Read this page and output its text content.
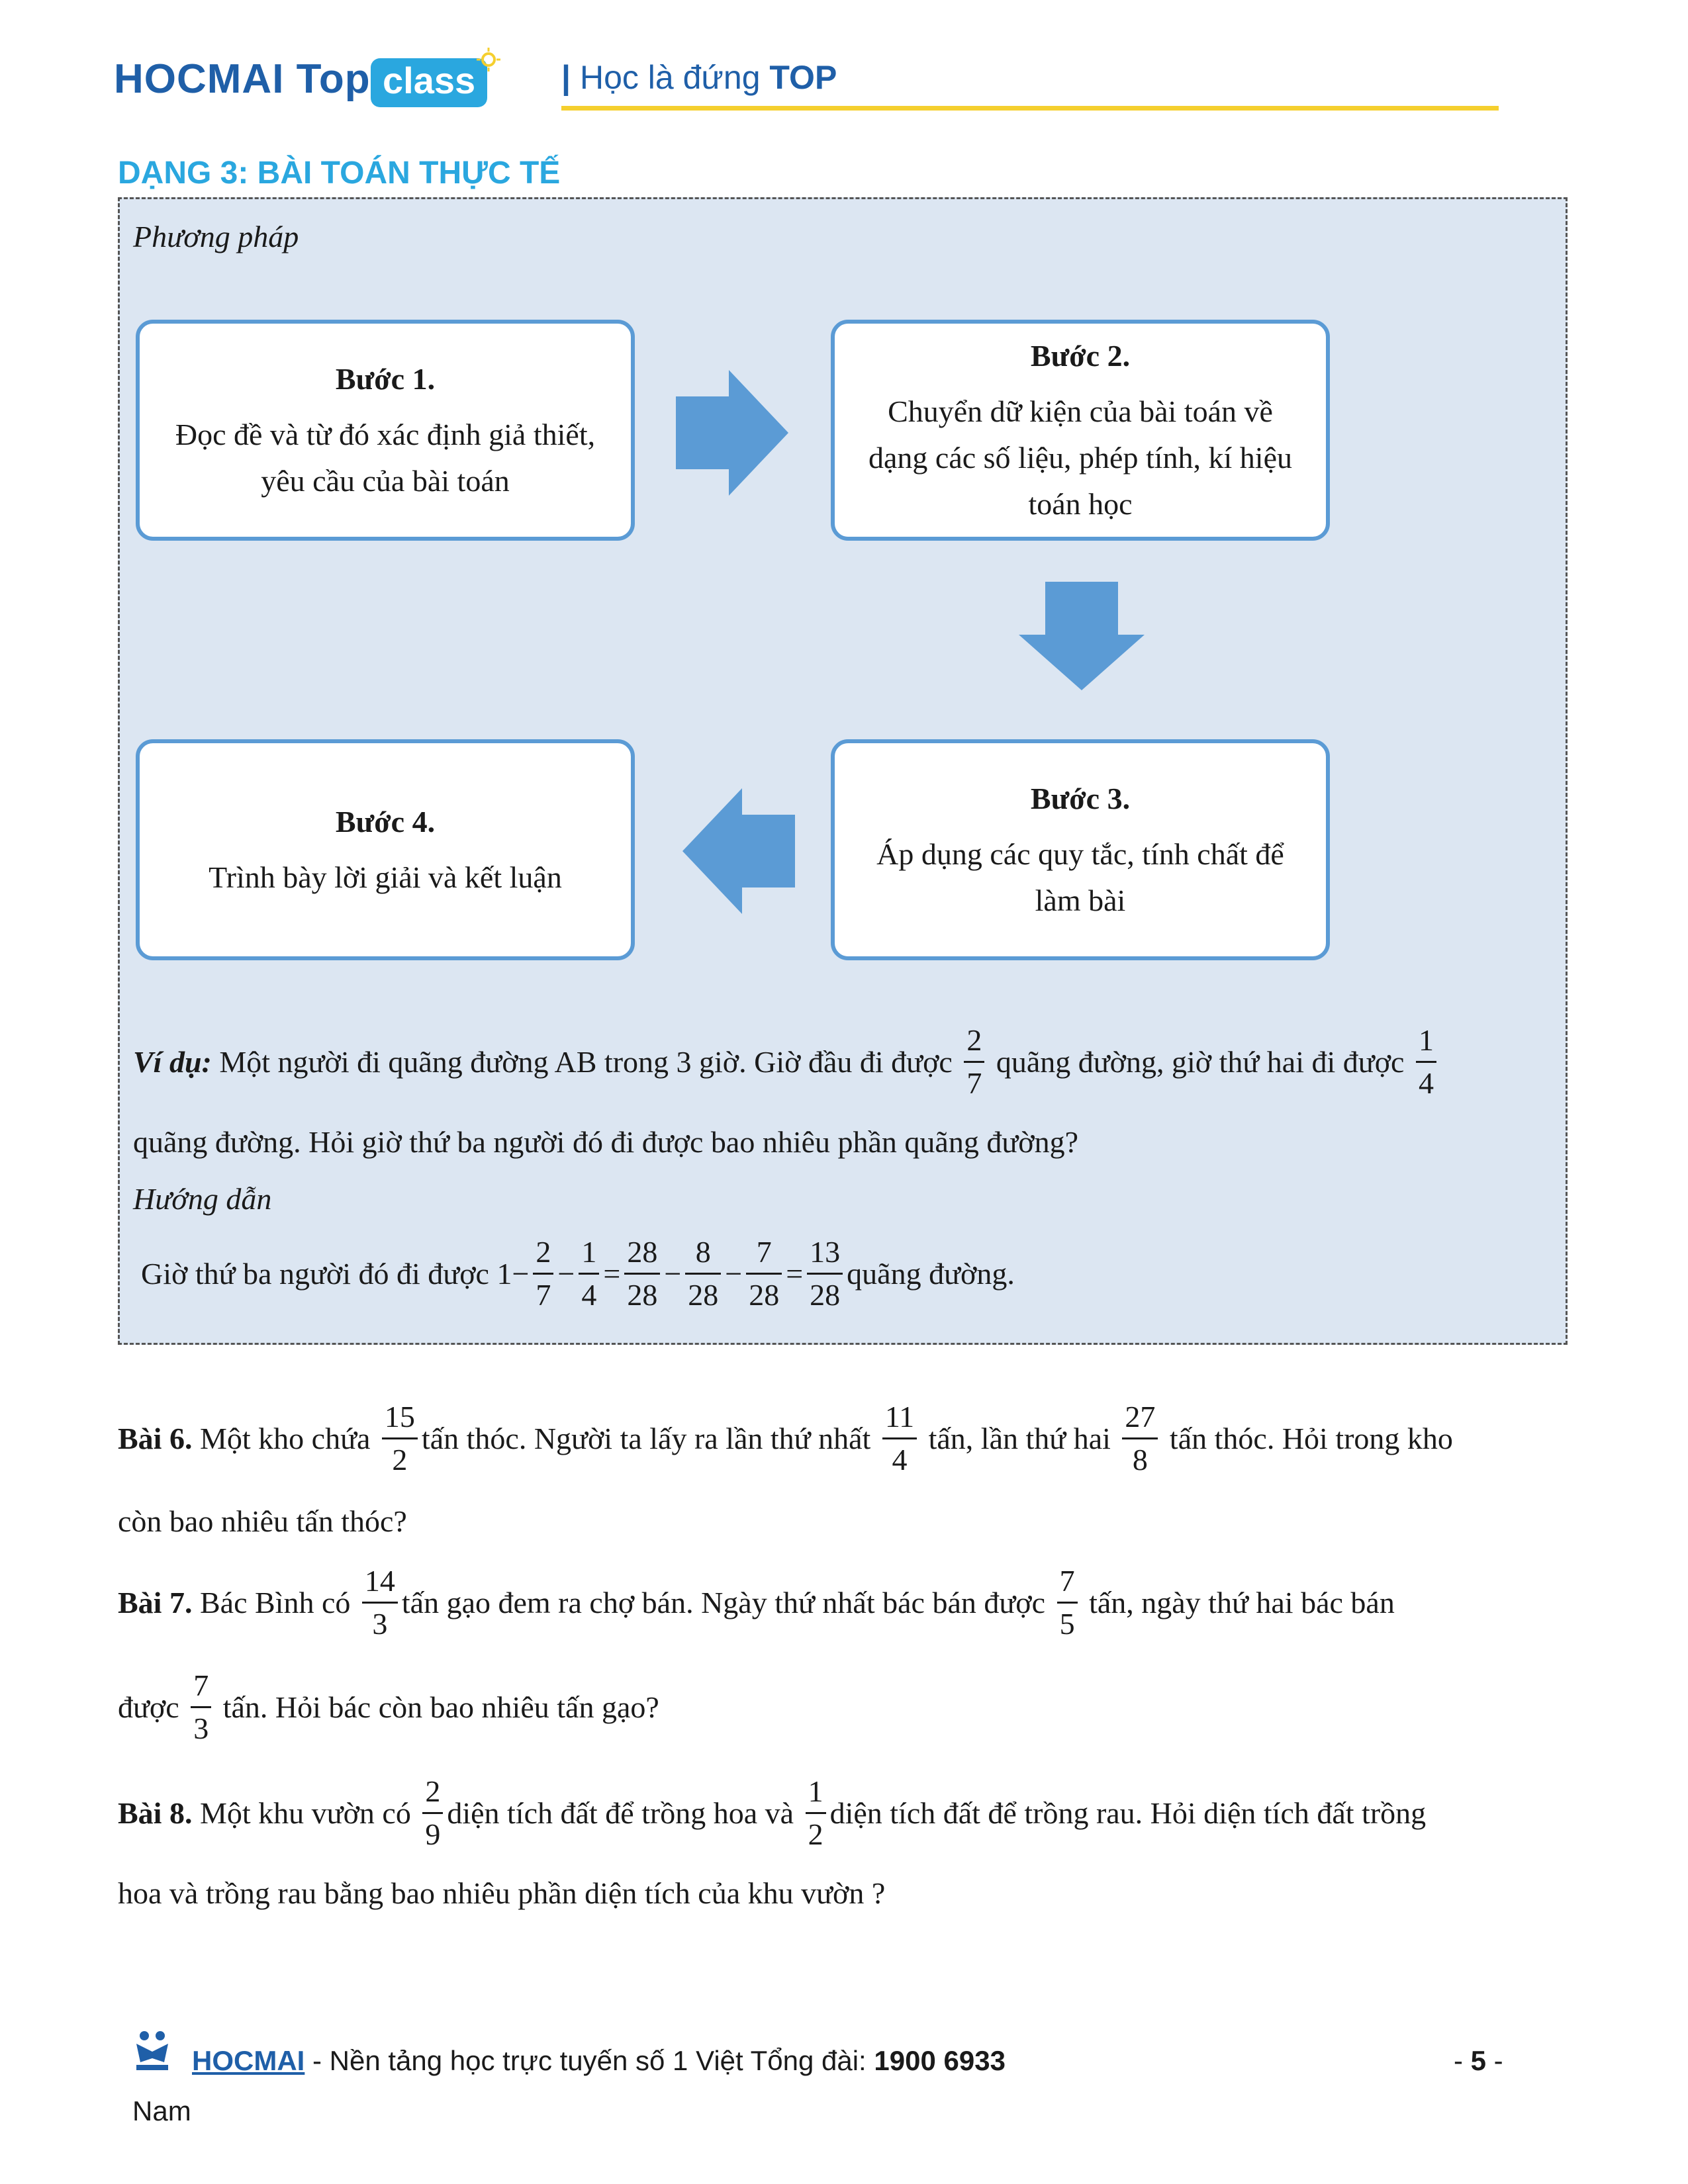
HOCMAI Top class	| Học là đứng TOP
DẠNG 3: BÀI TOÁN THỰC TẾ
Phương pháp
Bước 1.
Đọc đề và từ đó xác định giả thiết,
yêu cầu của bài toán
Bước 2.
Chuyển dữ kiện của bài toán về
dạng các số liệu, phép tính, kí hiệu
toán học
Bước 3.
Áp dụng các quy tắc, tính chất để
làm bài
Bước 4.
Trình bày lời giải và kết luận
Ví dụ: Một người đi quãng đường AB trong 3 giờ. Giờ đầu đi được $\frac{2}{7}$ quãng đường, giờ thứ hai đi được $\frac{1}{4}$
quãng đường. Hỏi giờ thứ ba người đó đi được bao nhiêu phần quãng đường?
Hướng dẫn
Giờ thứ ba người đó đi được $1 - \frac{2}{7} - \frac{1}{4} = \frac{28}{28} - \frac{8}{28} - \frac{7}{28} = \frac{13}{28}$ quãng đường.
Bài 6. Một kho chứa $\frac{15}{2}$ tấn thóc. Người ta lấy ra lần thứ nhất $\frac{11}{4}$ tấn, lần thứ hai $\frac{27}{8}$ tấn thóc. Hỏi trong kho
còn bao nhiêu tấn thóc?
Bài 7. Bác Bình có $\frac{14}{3}$ tấn gạo đem ra chợ bán. Ngày thứ nhất bác bán được $\frac{7}{5}$ tấn, ngày thứ hai bác bán
được $\frac{7}{3}$ tấn. Hỏi bác còn bao nhiêu tấn gạo?
Bài 8. Một khu vườn có $\frac{2}{9}$ diện tích đất để trồng hoa và $\frac{1}{2}$ diện tích đất để trồng rau. Hỏi diện tích đất trồng
hoa và trồng rau bằng bao nhiêu phần diện tích của khu vườn ?
HOCMAI - Nền tảng học trực tuyến số 1 Việt Tổng đài: 1900 6933
Nam
- 5 -
